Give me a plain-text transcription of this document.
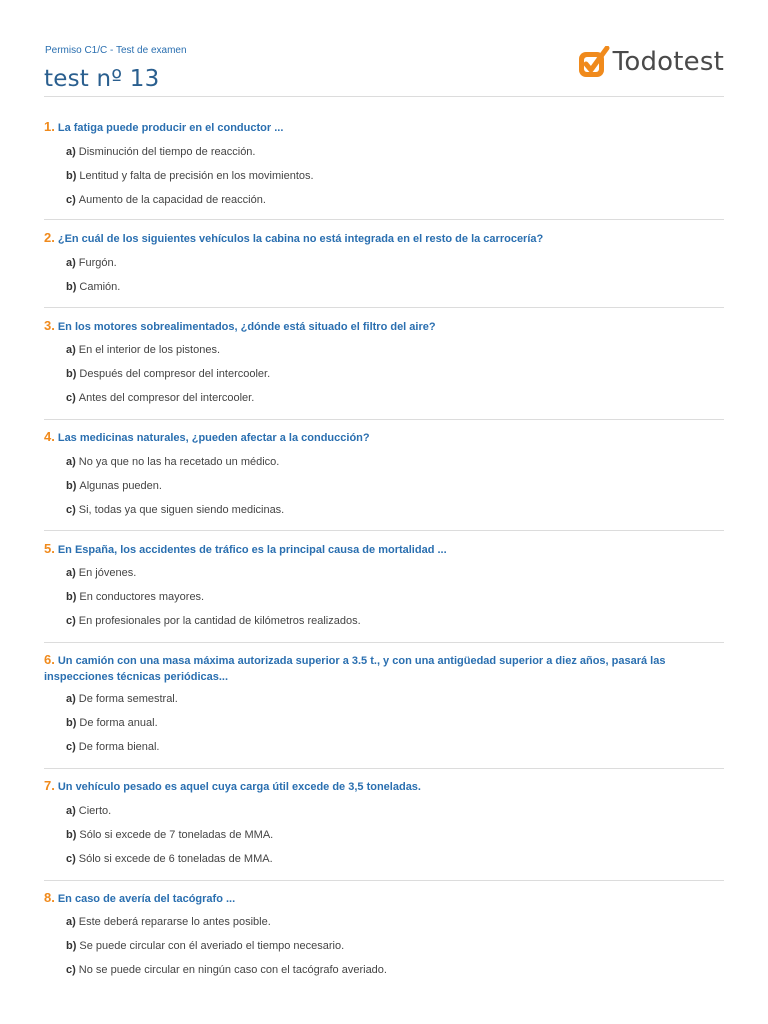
Permiso C1/C - Test de examen
test nº 13
Todotest
1. La fatiga puede producir en el conductor ...
a) Disminución del tiempo de reacción.
b) Lentitud y falta de precisión en los movimientos.
c) Aumento de la capacidad de reacción.
2. ¿En cuál de los siguientes vehículos la cabina no está integrada en el resto de la carrocería?
a) Furgón.
b) Camión.
3. En los motores sobrealimentados, ¿dónde está situado el filtro del aire?
a) En el interior de los pistones.
b) Después del compresor del intercooler.
c) Antes del compresor del intercooler.
4. Las medicinas naturales, ¿pueden afectar a la conducción?
a) No ya que no las ha recetado un médico.
b) Algunas pueden.
c) Si, todas ya que siguen siendo medicinas.
5. En España, los accidentes de tráfico es la principal causa de mortalidad ...
a) En jóvenes.
b) En conductores mayores.
c) En profesionales por la cantidad de kilómetros realizados.
6. Un camión con una masa máxima autorizada superior a 3.5 t., y con una antigüedad superior a diez años, pasará las inspecciones técnicas periódicas...
a) De forma semestral.
b) De forma anual.
c) De forma bienal.
7. Un vehículo pesado es aquel cuya carga útil excede de 3,5 toneladas.
a) Cierto.
b) Sólo si excede de 7 toneladas de MMA.
c) Sólo si excede de 6 toneladas de MMA.
8. En caso de avería del tacógrafo ...
a) Este deberá repararse lo antes posible.
b) Se puede circular con él averiado el tiempo necesario.
c) No se puede circular en ningún caso con el tacógrafo averiado.
